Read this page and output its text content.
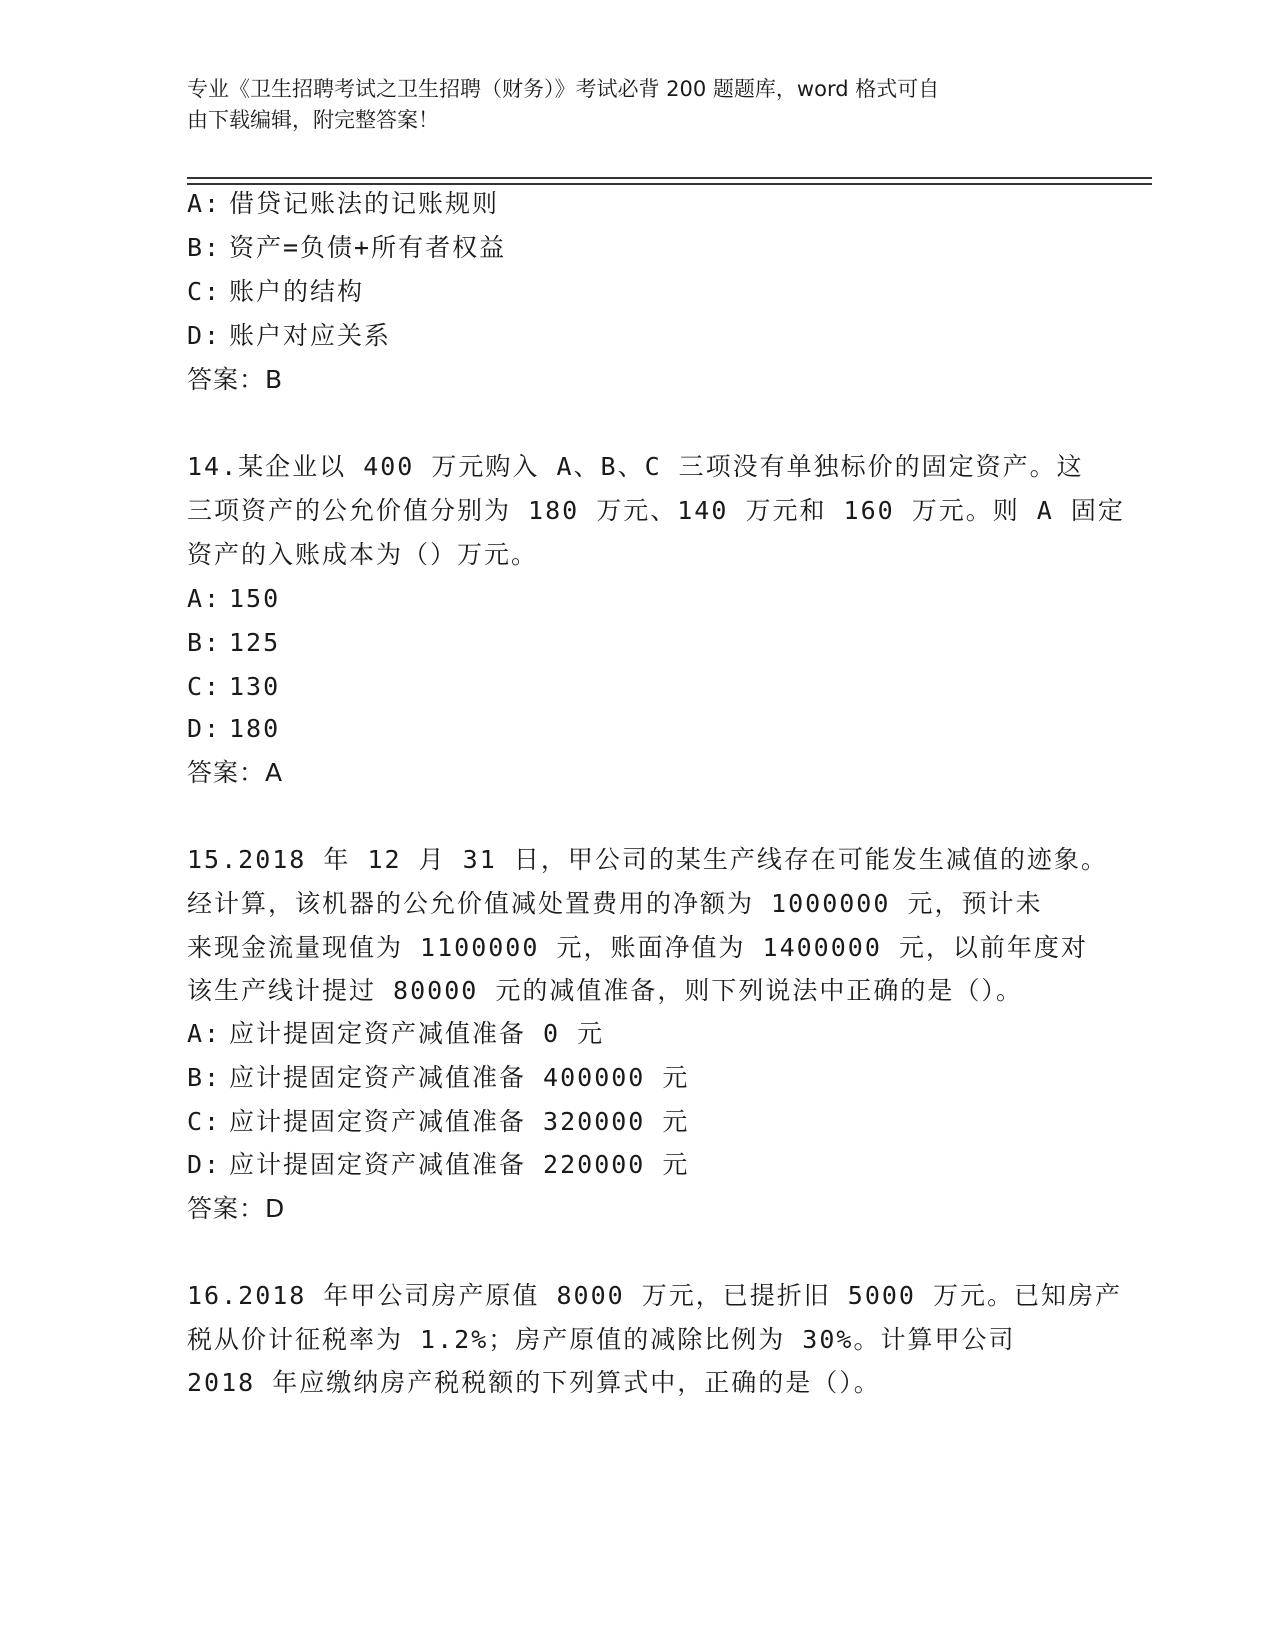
专业《卫生招聘考试之卫生招聘（财务）》考试必背 200 题题库，word 格式可自
由下载编辑，附完整答案！
A: 借贷记账法的记账规则
B: 资产=负债+所有者权益
C: 账户的结构
D: 账户对应关系
答案：B
14.某企业以 400 万元购入 A、B、C 三项没有单独标价的固定资产。这
三项资产的公允价值分别为 180 万元、140 万元和 160 万元。则 A 固定
资产的入账成本为（）万元。
A: 150
B: 125
C: 130
D: 180
答案：A
15.2018 年 12 月 31 日，甲公司的某生产线存在可能发生减值的迹象。
经计算，该机器的公允价值减处置费用的净额为 1000000 元，预计未
来现金流量现值为 1100000 元，账面净值为 1400000 元，以前年度对
该生产线计提过 80000 元的减值准备，则下列说法中正确的是（）。
A: 应计提固定资产减值准备 0 元
B: 应计提固定资产减值准备 400000 元
C: 应计提固定资产减值准备 320000 元
D: 应计提固定资产减值准备 220000 元
答案：D
16.2018 年甲公司房产原值 8000 万元，已提折旧 5000 万元。已知房产
税从价计征税率为 1.2%；房产原值的减除比例为 30%。计算甲公司
2018 年应缴纳房产税税额的下列算式中，正确的是（）。
